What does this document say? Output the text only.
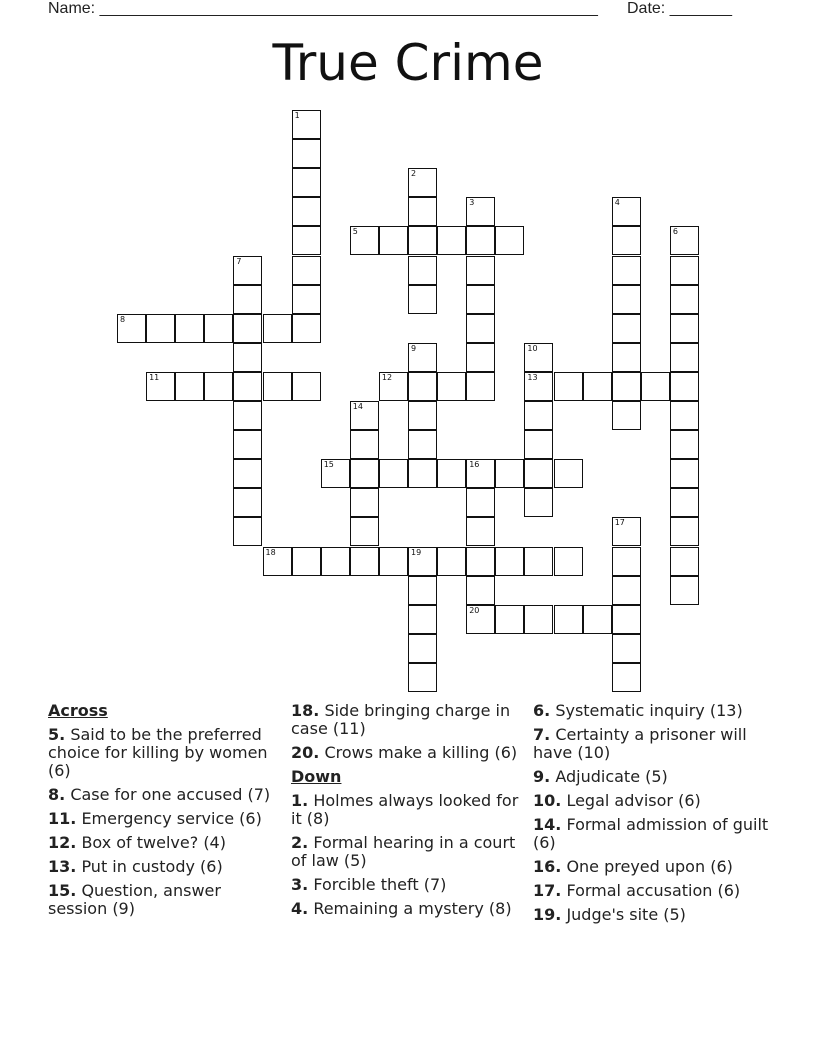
Name: ________________________________________________________ Date: _______
True Crime
1
2
3	4
5	6
7
8
9	10
13
11	12
14
15	16
20
17
18	19
Across
5. Said to be the preferred choice for killing by women (6)
8. Case for one accused (7)
11. Emergency service (6)
12. Box of twelve? (4)
13. Put in custody (6)
15. Question, answer session (9)
18. Side bringing charge in case (11)
20. Crows make a killing (6)
Down
1. Holmes always looked for it (8)
2. Formal hearing in a court of law (5)
3. Forcible theft (7)
4. Remaining a mystery (8)
6. Systematic inquiry (13)
7. Certainty a prisoner will have (10)
9. Adjudicate (5)
10. Legal advisor (6)
14. Formal admission of guilt (6)
16. One preyed upon (6)
17. Formal accusation (6)
19. Judge's site (5)
